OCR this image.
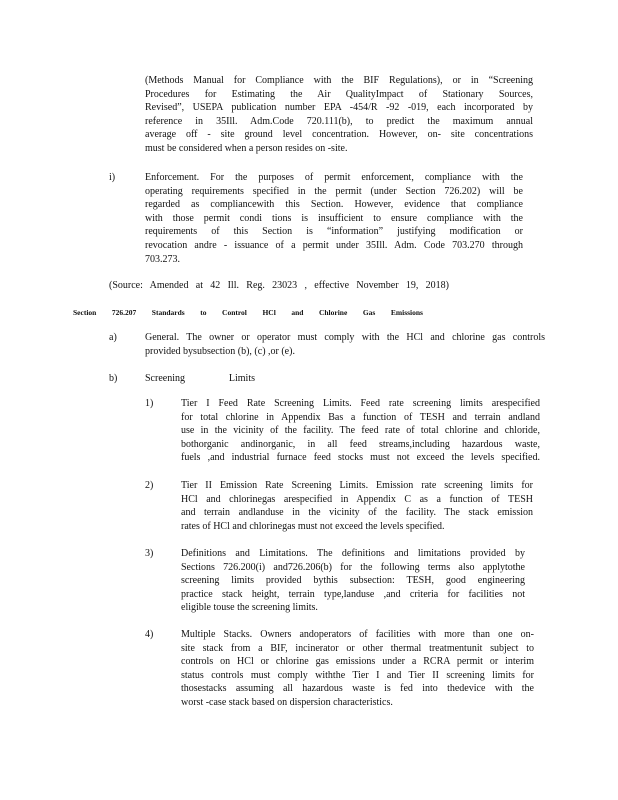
(Methods Manual for Compliance with the BIF Regulations), or in “Screening
Procedures for Estimating the Air QualityImpact of Stationary Sources,
Revised”, USEPA publication number EPA -454/R -92 -019, each incorporated by
reference in 35Ill. Adm.Code 720.111(b), to predict the maximum annual
average off - site ground level concentration. However, on- site concentrations
must be considered when a person resides on -site.
i)	Enforcement. For the purposes of permit enforcement, compliance with the
operating requirements specified in the permit (under Section 726.202) will be
regarded as compliancewith this Section. However, evidence that compliance
with those permit condi tions is insufficient to ensure compliance with the
requirements of this Section is “information” justifying modification or
revocation andre - issuance of a permit under 35Ill. Adm. Code 703.270 through
703.273.
(Source: Amended at 42 Ill. Reg. 23023 , effective November 19, 2018)
Section 726.207 Standards to Control HCl and Chlorine Gas Emissions
a)	General. The owner or operator must comply with the HCl and chlorine gas controls
provided bysubsection (b), (c) ,or (e).
b)	Screening Limits
1)	Tier I Feed Rate Screening Limits. Feed rate screening limits arespecified
for total chlorine in Appendix Bas a function of TESH and terrain andland
use in the vicinity of the facility. The feed rate of total chlorine and chloride,
bothorganic andinorganic, in all feed streams,including hazardous waste,
fuels ,and industrial furnace feed stocks must not exceed the levels specified.
2)	Tier II Emission Rate Screening Limits. Emission rate screening limits for
HCl and chlorinegas arespecified in Appendix C as a function of TESH
and terrain andlanduse in the vicinity of the facility. The stack emission
rates of HCl and chlorinegas must not exceed the levels specified.
3)	Definitions and Limitations. The definitions and limitations provided by
Sections 726.200(i) and726.206(b) for the following terms also applytothe
screening limits provided bythis subsection: TESH, good engineering
practice stack height, terrain type,landuse ,and criteria for facilities not
eligible touse the screening limits.
4)	Multiple Stacks. Owners andoperators of facilities with more than one on-
site stack from a BIF, incinerator or other thermal treatmentunit subject to
controls on HCl or chlorine gas emissions under a RCRA permit or interim
status controls must comply withthe Tier I and Tier II screening limits for
thosestacks assuming all hazardous waste is fed into thedevice with the
worst -case stack based on dispersion characteristics.
